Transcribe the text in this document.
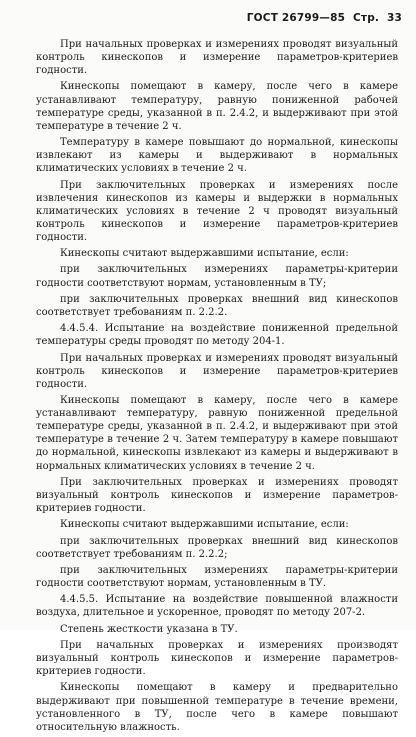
ГОСТ 26799—85 Стр. 33

При начальных проверках и измерениях проводят визуальный контроль кинескопов и измерение параметров-критериев годности.

Кинескопы помещают в камеру, после чего в камере устанавливают температуру, равную пониженной рабочей температуре среды, указанной в п. 2.4.2, и выдерживают при этой температуре в течение 2 ч.

Температуру в камере повышают до нормальной, кинескопы извлекают из камеры и выдерживают в нормальных климатических условиях в течение 2 ч.

При заключительных проверках и измерениях после извлечения кинескопов из камеры и выдержки в нормальных климатических условиях в течение 2 ч проводят визуальный контроль кинескопов и измерение параметров-критериев годности.

Кинескопы считают выдержавшими испытание, если:

при заключительных измерениях параметры-критерии годности соответствуют нормам, установленным в ТУ;

при заключительных проверках внешний вид кинескопов соответствует требованиям п. 2.2.2.

4.4.5.4. Испытание на воздействие пониженной предельной температуры среды проводят по методу 204-1.

При начальных проверках и измерениях проводят визуальный контроль кинескопов и измерение параметров-критериев годности.

Кинескопы помещают в камеру, после чего в камере устанавливают температуру, равную пониженной предельной температуре среды, указанной в п. 2.4.2, и выдерживают при этой температуре в течение 2 ч. Затем температуру в камере повышают до нормальной, кинескопы извлекают из камеры и выдерживают в нормальных климатических условиях в течение 2 ч.

При заключительных проверках и измерениях проводят визуальный контроль кинескопов и измерение параметров-критериев годности.

Кинескопы считают выдержавшими испытание, если:

при заключительных проверках внешний вид кинескопов соответствует требованиям п. 2.2.2;

при заключительных измерениях параметры-критерии годности соответствуют нормам, установленным в ТУ.

4.4.5.5. Испытание на воздействие повышенной влажности воздуха, длительное и ускоренное, проводят по методу 207-2.

Степень жесткости указана в ТУ.

При начальных проверках и измерениях производят визуальный контроль кинескопов и измерение параметров-критериев годности.

Кинескопы помещают в камеру и предварительно выдерживают при повышенной температуре в течение времени, установленного в ТУ, после чего в камере повышают относительную влажность.
